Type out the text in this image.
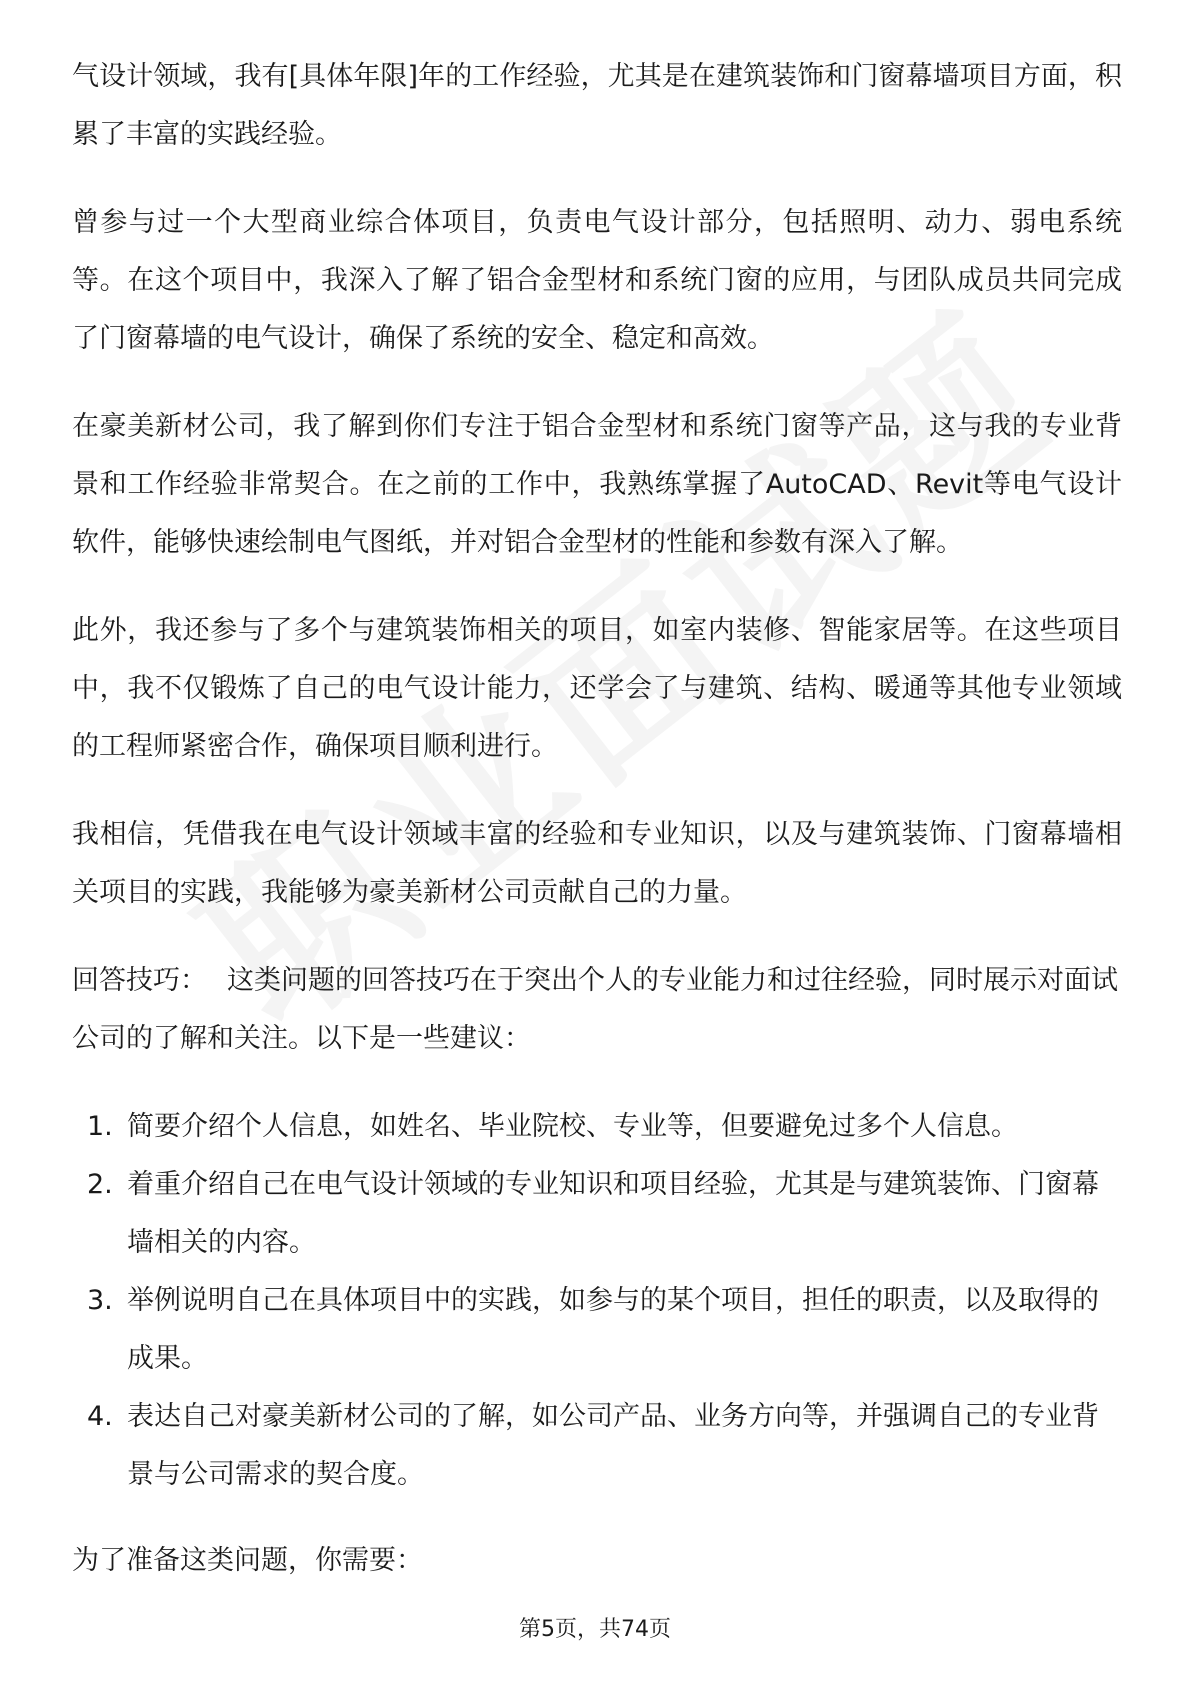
气设计领域，我有[具体年限]年的工作经验，尤其是在建筑装饰和门窗幕墙项目方面，积累了丰富的实践经验。

曾参与过一个大型商业综合体项目，负责电气设计部分，包括照明、动力、弱电系统等。在这个项目中，我深入了解了铝合金型材和系统门窗的应用，与团队成员共同完成了门窗幕墙的电气设计，确保了系统的安全、稳定和高效。

在豪美新材公司，我了解到你们专注于铝合金型材和系统门窗等产品，这与我的专业背景和工作经验非常契合。在之前的工作中，我熟练掌握了AutoCAD、Revit等电气设计软件，能够快速绘制电气图纸，并对铝合金型材的性能和参数有深入了解。

此外，我还参与了多个与建筑装饰相关的项目，如室内装修、智能家居等。在这些项目中，我不仅锻炼了自己的电气设计能力，还学会了与建筑、结构、暖通等其他专业领域的工程师紧密合作，确保项目顺利进行。

我相信，凭借我在电气设计领域丰富的经验和专业知识，以及与建筑装饰、门窗幕墙相关项目的实践，我能够为豪美新材公司贡献自己的力量。

回答技巧： 这类问题的回答技巧在于突出个人的专业能力和过往经验，同时展示对面试公司的了解和关注。以下是一些建议：

1. 简要介绍个人信息，如姓名、毕业院校、专业等，但要避免过多个人信息。
2. 着重介绍自己在电气设计领域的专业知识和项目经验，尤其是与建筑装饰、门窗幕墙相关的内容。
3. 举例说明自己在具体项目中的实践，如参与的某个项目，担任的职责，以及取得的成果。
4. 表达自己对豪美新材公司的了解，如公司产品、业务方向等，并强调自己的专业背景与公司需求的契合度。

为了准备这类问题，你需要：

第5页，共74页
